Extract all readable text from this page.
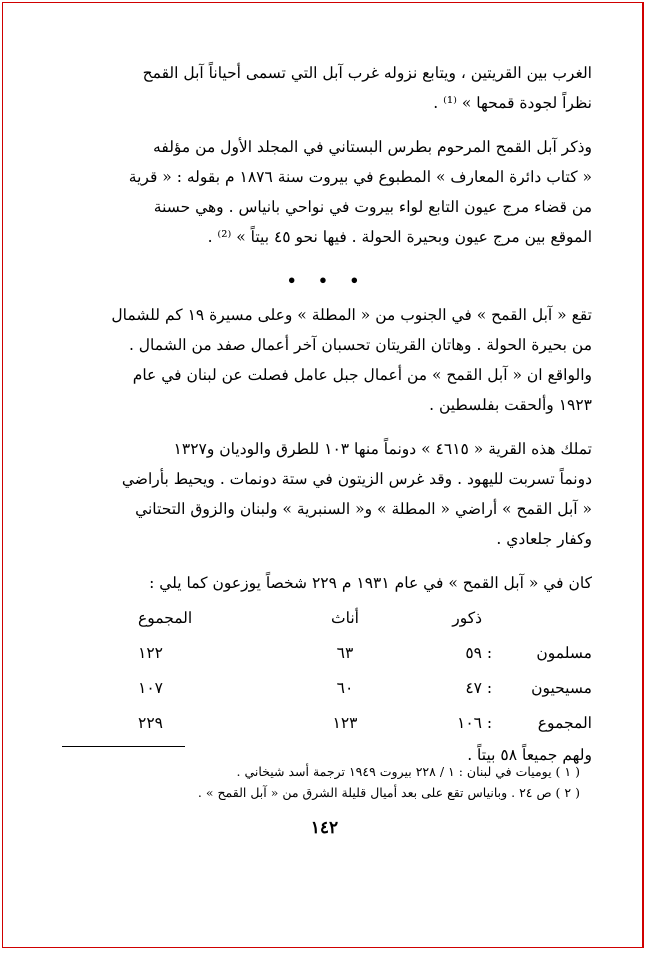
الغرب بين القريتين ، ويتابع نزوله غرب آبل التي تسمى أحياناً آبل القمح

نظراً لجودة قمحها » ⁽¹⁾ .

وذكر آبل القمح المرحوم بطرس البستاني في المجلد الأول من مؤلفه

« كتاب دائرة المعارف » المطبوع في بيروت سنة ١٨٧٦ م بقوله : « قرية

من قضاء مرج عيون التابع لواء بيروت في نواحي بانياس . وهي حسنة

الموقع بين مرج عيون وبحيرة الحولة . فيها نحو ٤٥ بيتاً » ⁽²⁾ .

• • •

تقع « آبل القمح » في الجنوب من « المطلة » وعلى مسيرة ١٩ كم للشمال

من بحيرة الحولة . وهاتان القريتان تحسبان آخر أعمال صفد من الشمال .

والواقع ان « آبل القمح » من أعمال جبل عامل فصلت عن لبنان في عام

١٩٢٣ وألحقت بفلسطين .

تملك هذه القرية « ٤٦١٥ » دونماً منها ١٠٣ للطرق والوديان و١٣٢٧

دونماً تسربت لليهود . وقد غرس الزيتون في ستة دونمات . ويحيط بأراضي

« آبل القمح » أراضي « المطلة » و« السنبرية » ولبنان والزوق التحتاني

وكفار جلعادي .

كان في « آبل القمح » في عام ١٩٣١ م ٢٢٩ شخصاً يوزعون كما يلي :

		ذكور	أناث	المجموع
مسلمون	:	٥٩	٦٣	١٢٢
مسيحيون	:	٤٧	٦٠	١٠٧
المجموع	:	١٠٦	١٢٣	٢٢٩

ولهم جميعاً ٥٨ بيتاً .

( ١ ) يوميات في لبنان : ١ / ٢٢٨ بيروت ١٩٤٩ ترجمة أسد شيخاني .

( ٢ ) ص ٢٤ . وبانياس تقع على بعد أميال قليلة الشرق من « آبل القمح » .

١٤٢
